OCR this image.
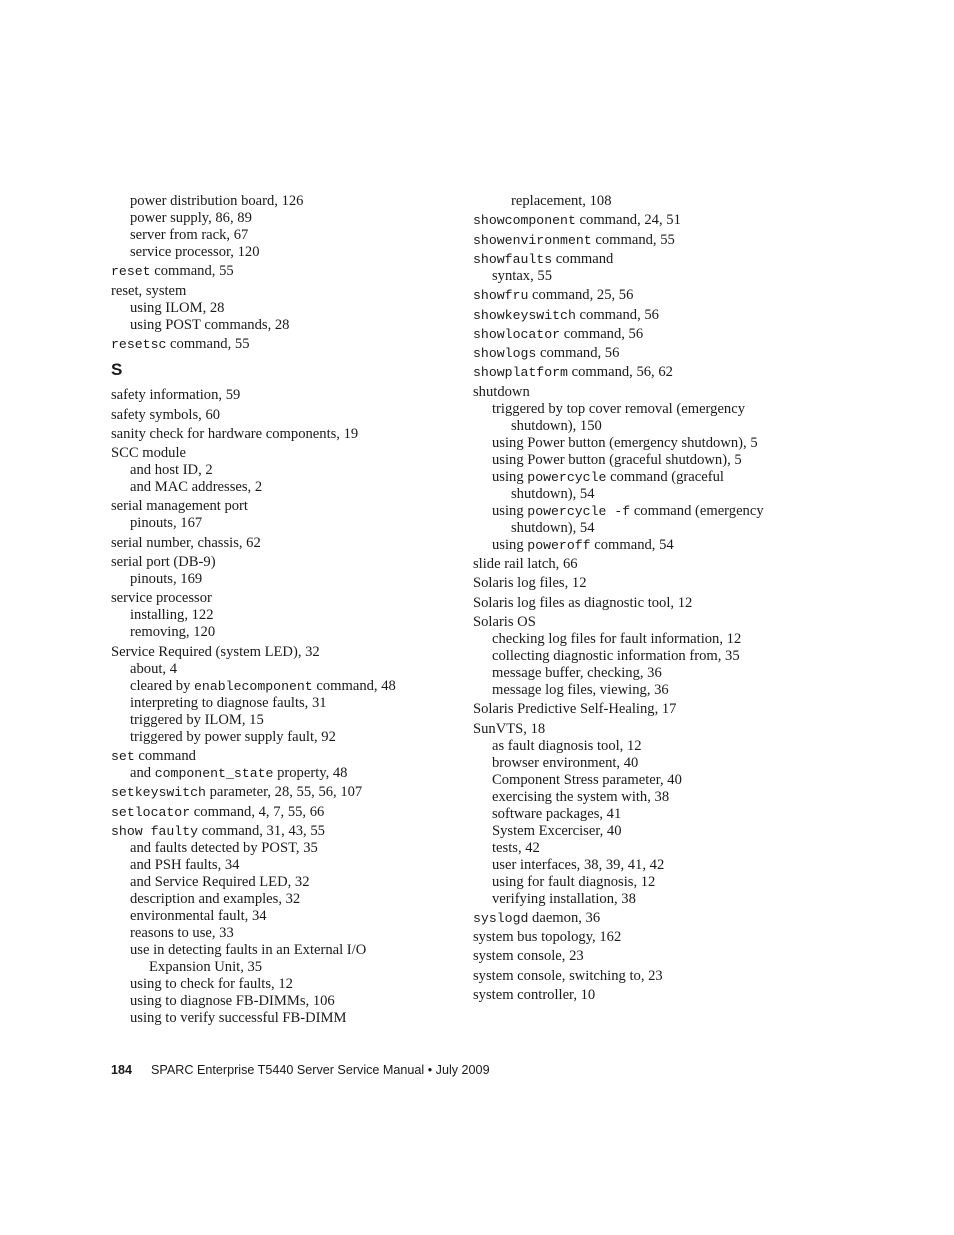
power distribution board, 126
power supply, 86, 89
server from rack, 67
service processor, 120
reset command, 55
reset, system
using ILOM, 28
using POST commands, 28
resetsc command, 55
S
safety information, 59
safety symbols, 60
sanity check for hardware components, 19
SCC module
and host ID, 2
and MAC addresses, 2
serial management port
pinouts, 167
serial number, chassis, 62
serial port (DB-9)
pinouts, 169
service processor
installing, 122
removing, 120
Service Required (system LED), 32
about, 4
cleared by enablecomponent command, 48
interpreting to diagnose faults, 31
triggered by ILOM, 15
triggered by power supply fault, 92
set command
and component_state property, 48
setkeyswitch parameter, 28, 55, 56, 107
setlocator command, 4, 7, 55, 66
show faulty command, 31, 43, 55
and faults detected by POST, 35
and PSH faults, 34
and Service Required LED, 32
description and examples, 32
environmental fault, 34
reasons to use, 33
use in detecting faults in an External I/O
Expansion Unit, 35
using to check for faults, 12
using to diagnose FB-DIMMs, 106
using to verify successful FB-DIMM
replacement, 108
showcomponent command, 24, 51
showenvironment command, 55
showfaults command
syntax, 55
showfru command, 25, 56
showkeyswitch command, 56
showlocator command, 56
showlogs command, 56
showplatform command, 56, 62
shutdown
triggered by top cover removal (emergency
shutdown), 150
using Power button (emergency shutdown), 5
using Power button (graceful shutdown), 5
using powercycle command (graceful
shutdown), 54
using powercycle -f command (emergency
shutdown), 54
using poweroff command, 54
slide rail latch, 66
Solaris log files, 12
Solaris log files as diagnostic tool, 12
Solaris OS
checking log files for fault information, 12
collecting diagnostic information from, 35
message buffer, checking, 36
message log files, viewing, 36
Solaris Predictive Self-Healing, 17
SunVTS, 18
as fault diagnosis tool, 12
browser environment, 40
Component Stress parameter, 40
exercising the system with, 38
software packages, 41
System Excerciser, 40
tests, 42
user interfaces, 38, 39, 41, 42
using for fault diagnosis, 12
verifying installation, 38
syslogd daemon, 36
system bus topology, 162
system console, 23
system console, switching to, 23
system controller, 10
184 SPARC Enterprise T5440 Server Service Manual • July 2009
